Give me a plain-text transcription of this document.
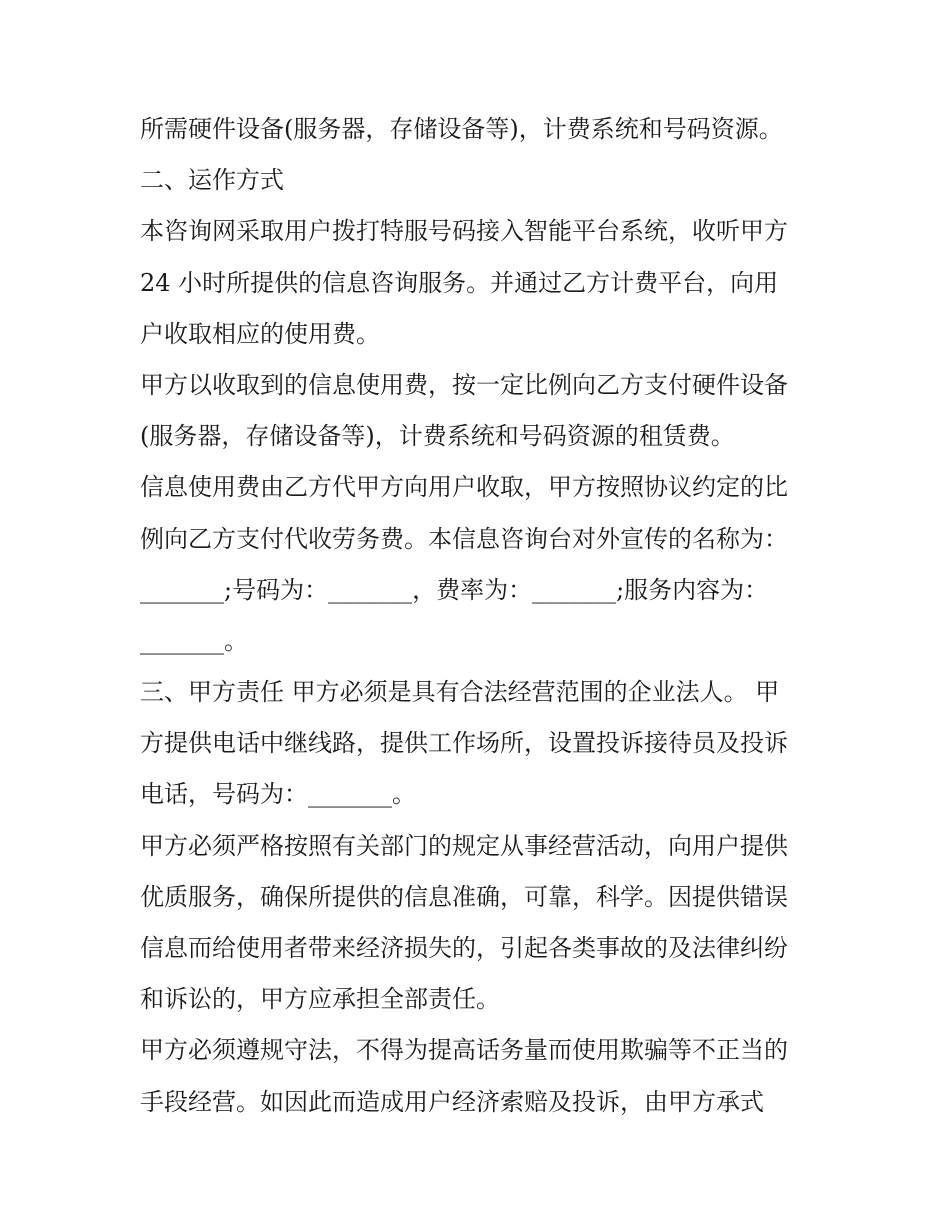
所需硬件设备(服务器，存储设备等)，计费系统和号码资源。
二、运作方式
本咨询网采取用户拨打特服号码接入智能平台系统，收听甲方
24 小时所提供的信息咨询服务。并通过乙方计费平台，向用
户收取相应的使用费。
甲方以收取到的信息使用费，按一定比例向乙方支付硬件设备
(服务器，存储设备等)，计费系统和号码资源的租赁费。
信息使用费由乙方代甲方向用户收取，甲方按照协议约定的比
例向乙方支付代收劳务费。本信息咨询台对外宣传的名称为：
_______;号码为：_______，费率为：_______;服务内容为：
_______。
三、甲方责任 甲方必须是具有合法经营范围的企业法人。 甲
方提供电话中继线路，提供工作场所，设置投诉接待员及投诉
电话，号码为：_______。
甲方必须严格按照有关部门的规定从事经营活动，向用户提供
优质服务，确保所提供的信息准确，可靠，科学。因提供错误
信息而给使用者带来经济损失的，引起各类事故的及法律纠纷
和诉讼的，甲方应承担全部责任。
甲方必须遵规守法，不得为提高话务量而使用欺骗等不正当的
手段经营。如因此而造成用户经济索赔及投诉，由甲方承式
